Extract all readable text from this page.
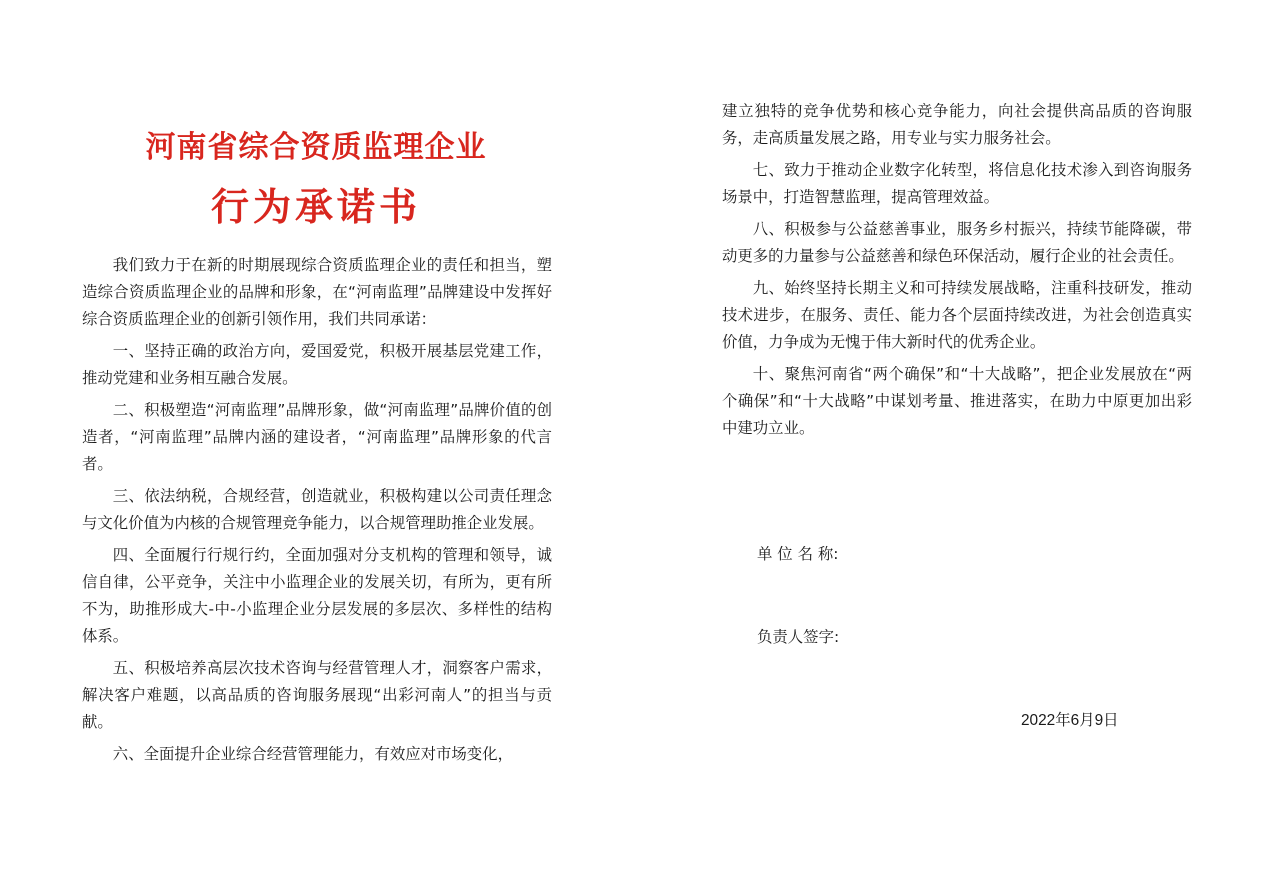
河南省综合资质监理企业
行为承诺书

我们致力于在新的时期展现综合资质监理企业的责任和担当，塑造综合资质监理企业的品牌和形象，在“河南监理”品牌建设中发挥好综合资质监理企业的创新引领作用，我们共同承诺：

一、坚持正确的政治方向，爱国爱党，积极开展基层党建工作，推动党建和业务相互融合发展。

二、积极塑造“河南监理”品牌形象，做“河南监理”品牌价值的创造者，“河南监理”品牌内涵的建设者，“河南监理”品牌形象的代言者。

三、依法纳税，合规经营，创造就业，积极构建以公司责任理念与文化价值为内核的合规管理竞争能力，以合规管理助推企业发展。

四、全面履行行规行约，全面加强对分支机构的管理和领导，诚信自律，公平竞争，关注中小监理企业的发展关切，有所为，更有所不为，助推形成大-中-小监理企业分层发展的多层次、多样性的结构体系。

五、积极培养高层次技术咨询与经营管理人才，洞察客户需求，解决客户难题，以高品质的咨询服务展现“出彩河南人”的担当与贡献。

六、全面提升企业综合经营管理能力，有效应对市场变化，

建立独特的竞争优势和核心竞争能力，向社会提供高品质的咨询服务，走高质量发展之路，用专业与实力服务社会。

七、致力于推动企业数字化转型，将信息化技术渗入到咨询服务场景中，打造智慧监理，提高管理效益。

八、积极参与公益慈善事业，服务乡村振兴，持续节能降碳，带动更多的力量参与公益慈善和绿色环保活动，履行企业的社会责任。

九、始终坚持长期主义和可持续发展战略，注重科技研发，推动技术进步，在服务、责任、能力各个层面持续改进，为社会创造真实价值，力争成为无愧于伟大新时代的优秀企业。

十、聚焦河南省“两个确保”和“十大战略”，把企业发展放在“两个确保”和“十大战略”中谋划考量、推进落实，在助力中原更加出彩中建功立业。

单 位 名 称:
负责人签字:
2022年6月9日
